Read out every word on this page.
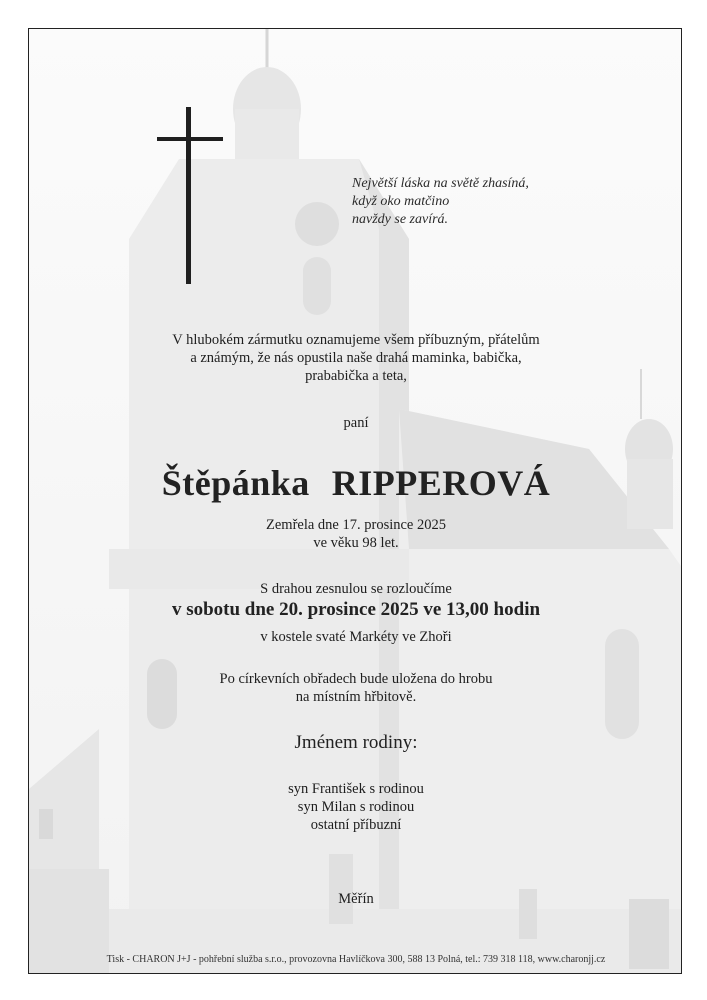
Největší láska na světě zhasíná,
když oko matčino
navždy se zavírá.
V hlubokém zármutku oznamujeme všem příbuzným, přátelům
a známým, že nás opustila naše drahá maminka, babička,
prababička a teta,
paní
Štěpánka RIPPEROVÁ
Zemřela dne 17. prosince 2025
ve věku 98 let.
S drahou zesnulou se rozloučíme
v sobotu dne 20. prosince 2025 ve 13,00 hodin
v kostele svaté Markéty ve Zhoři
Po církevních obřadech bude uložena do hrobu
na místním hřbitově.
Jménem rodiny:
syn František s rodinou
syn Milan s rodinou
ostatní příbuzní
Měřín
Tisk - CHARON J+J - pohřební služba s.r.o., provozovna Havlíčkova 300, 588 13 Polná, tel.: 739 318 118, www.charonjj.cz
